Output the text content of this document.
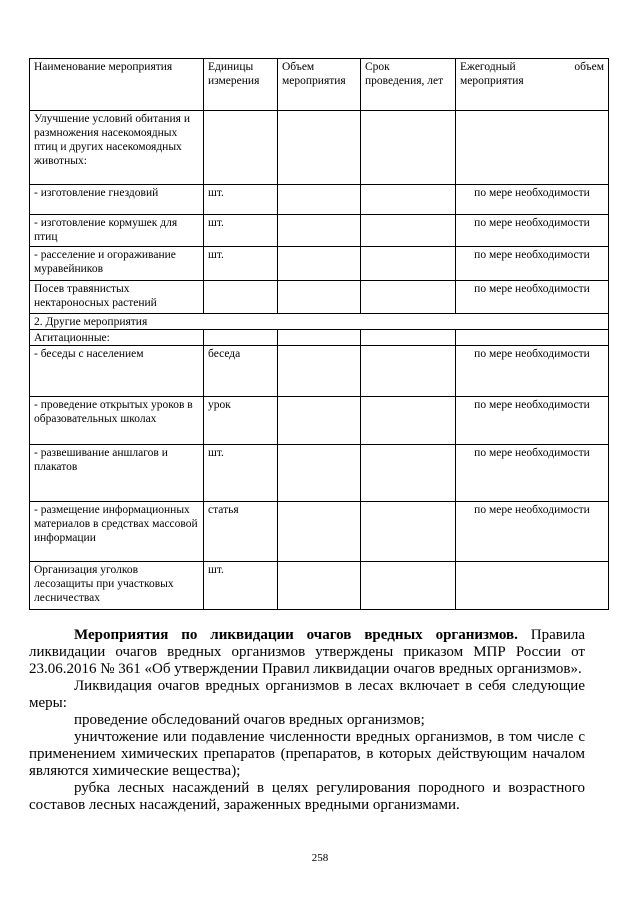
Наименование мероприятия	Единицы измерения	Объем мероприятия	Срок проведения, лет	Ежегодный объем мероприятия
Улучшение условий обитания и размножения насекомоядных птиц и других насекомоядных животных:				
- изготовление гнездовий	шт.			по мере необходимости
- изготовление кормушек для птиц	шт.			по мере необходимости
- расселение и огораживание муравейников	шт.			по мере необходимости
Посев травянистых нектароносных растений				по мере необходимости
2. Другие мероприятия				
Агитационные:				
- беседы с населением	беседа			по мере необходимости
- проведение открытых уроков в образовательных школах	урок			по мере необходимости
- развешивание аншлагов и плакатов	шт.			по мере необходимости
- размещение информационных материалов в средствах массовой информации	статья			по мере необходимости
Организация уголков лесозащиты при участковых лесничествах	шт.			

Мероприятия по ликвидации очагов вредных организмов. Правила ликвидации очагов вредных организмов утверждены приказом МПР России от 23.06.2016 № 361 «Об утверждении Правил ликвидации очагов вредных организмов».

Ликвидация очагов вредных организмов в лесах включает в себя следующие меры:

проведение обследований очагов вредных организмов;

уничтожение или подавление численности вредных организмов, в том числе с применением химических препаратов (препаратов, в которых действующим началом являются химические вещества);

рубка лесных насаждений в целях регулирования породного и возрастного составов лесных насаждений, зараженных вредными организмами.

258
